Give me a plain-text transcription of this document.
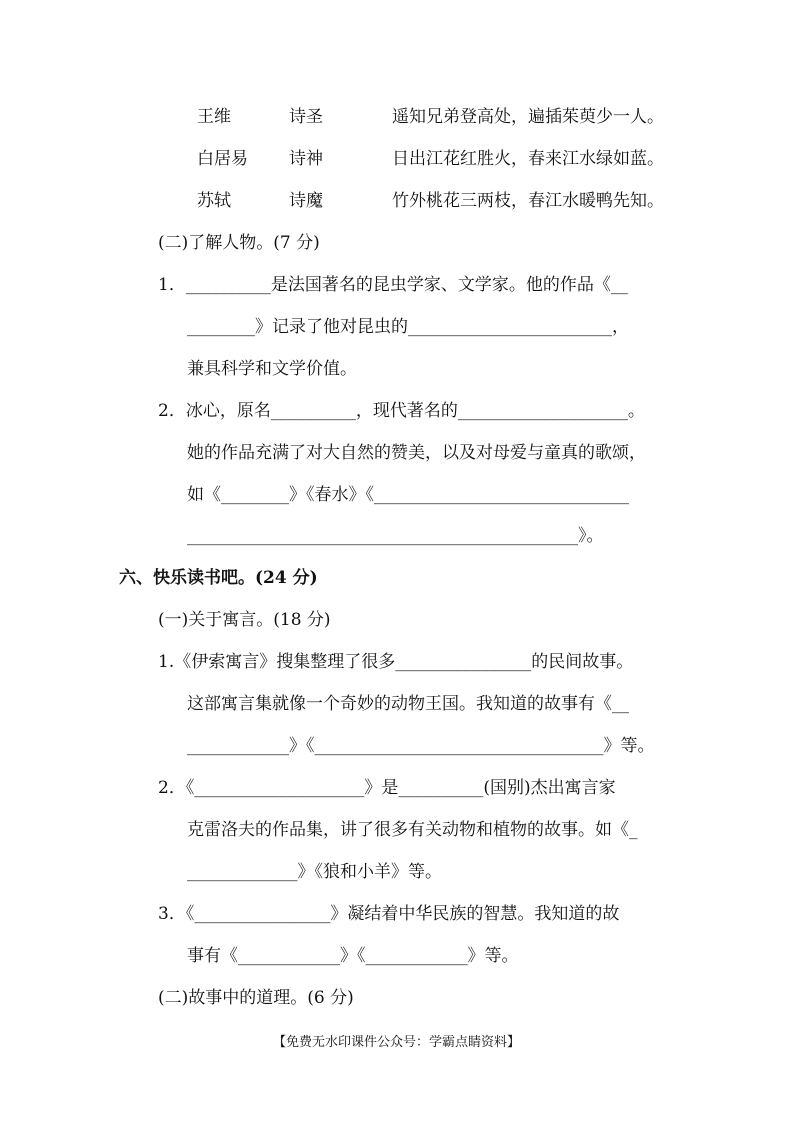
王维	诗圣	遥知兄弟登高处，遍插茱萸少一人。
白居易 诗神	日出江花红胜火，春来江水绿如蓝。
苏轼	诗魔	竹外桃花三两枝，春江水暖鸭先知。
(二)了解人物。(7 分)
1．__________是法国著名的昆虫学家、文学家。他的作品《__
________》记录了他对昆虫的________________________，
兼具科学和文学价值。
2．冰心，原名__________，现代著名的____________________。
她的作品充满了对大自然的赞美，以及对母爱与童真的歌颂，
如《________》《春水》《______________________________
______________________________________________》。
六、快乐读书吧。(24 分)
(一)关于寓言。(18 分)
1.《伊索寓言》搜集整理了很多________________的民间故事。
这部寓言集就像一个奇妙的动物王国。我知道的故事有《__
____________》《__________________________________》等。
2．《____________________》是__________(国别)杰出寓言家
克雷洛夫的作品集，讲了很多有关动物和植物的故事。如《_
_____________》《狼和小羊》等。
3．《________________》凝结着中华民族的智慧。我知道的故
事有《____________》《____________》等。
(二)故事中的道理。(6 分)
【免费无水印课件公众号：学霸点睛资料】
